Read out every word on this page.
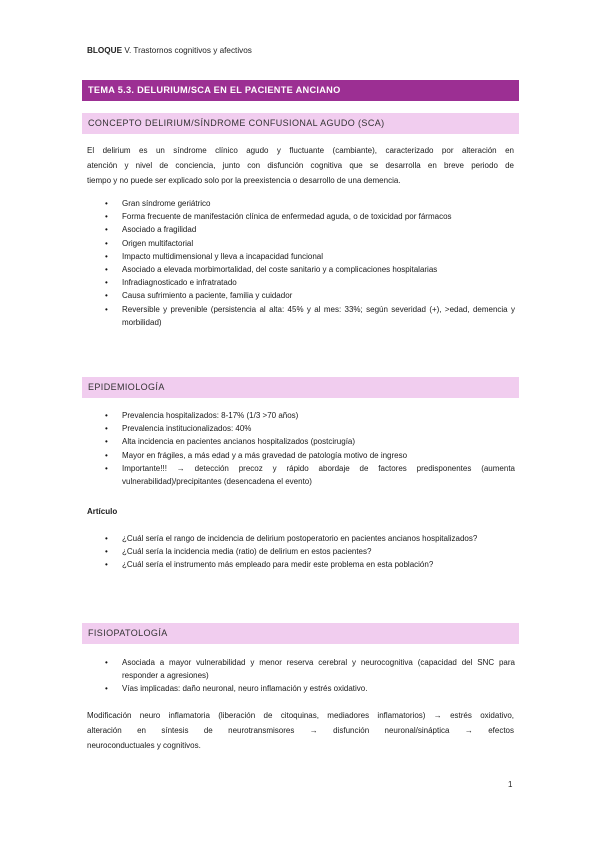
BLOQUE V. Trastornos cognitivos y afectivos
TEMA 5.3. DELURIUM/SCA EN EL PACIENTE ANCIANO
CONCEPTO DELIRIUM/SÍNDROME CONFUSIONAL AGUDO (SCA)
El delirium es un síndrome clínico agudo y fluctuante (cambiante), caracterizado por alteración en
atención y nivel de conciencia, junto con disfunción cognitiva que se desarrolla en breve periodo de
tiempo y no puede ser explicado solo por la preexistencia o desarrollo de una demencia.
• Gran síndrome geriátrico
• Forma frecuente de manifestación clínica de enfermedad aguda, o de toxicidad por fármacos
• Asociado a fragilidad
• Origen multifactorial
• Impacto multidimensional y lleva a incapacidad funcional
• Asociado a elevada morbimortalidad, del coste sanitario y a complicaciones hospitalarias
• Infradiagnosticado e infratratado
• Causa sufrimiento a paciente, familia y cuidador
• Reversible y prevenible (persistencia al alta: 45% y al mes: 33%; según severidad (+), >edad, demencia y morbilidad)
EPIDEMIOLOGÍA
• Prevalencia hospitalizados: 8-17% (1/3 >70 años)
• Prevalencia institucionalizados: 40%
• Alta incidencia en pacientes ancianos hospitalizados (postcirugía)
• Mayor en frágiles, a más edad y a más gravedad de patología motivo de ingreso
• Importante!!! → detección precoz y rápido abordaje de factores predisponentes (aumenta vulnerabilidad)/precipitantes (desencadena el evento)
Artículo
• ¿Cuál sería el rango de incidencia de delirium postoperatorio en pacientes ancianos hospitalizados?
• ¿Cuál sería la incidencia media (ratio) de delirium en estos pacientes?
• ¿Cuál sería el instrumento más empleado para medir este problema en esta población?
FISIOPATOLOGÍA
• Asociada a mayor vulnerabilidad y menor reserva cerebral y neurocognitiva (capacidad del SNC para responder a agresiones)
• Vías implicadas: daño neuronal, neuro inflamación y estrés oxidativo.
Modificación neuro inflamatoria (liberación de citoquinas, mediadores inflamatorios) → estrés oxidativo,
alteración en síntesis de neurotransmisores → disfunción neuronal/sináptica → efectos
neuroconductuales y cognitivos.
1
